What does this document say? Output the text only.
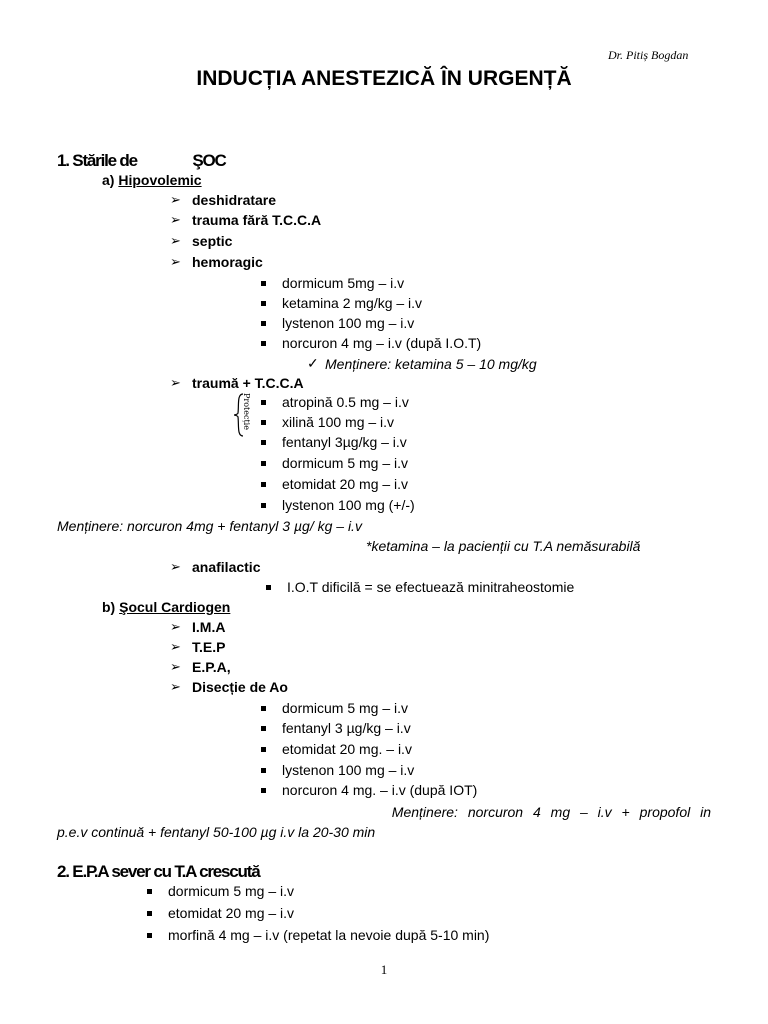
Dr. Pitiș Bogdan
INDUCȚIA ANESTEZICĂ ÎN URGENȚĂ
1. Stările de	ŞOC
a) Hipovolemic
➢ deshidratare
➢ trauma fără T.C.C.A
➢ septic
➢ hemoragic
dormicum 5mg – i.v
ketamina 2 mg/kg – i.v
lystenon 100 mg – i.v
norcuron 4 mg – i.v (după I.O.T)
✓ Menținere: ketamina 5 – 10 mg/kg
➢ traumă + T.C.C.A
Protecție atropină 0.5 mg – i.v
xilină 100 mg – i.v
fentanyl 3µg/kg – i.v
dormicum 5 mg – i.v
etomidat 20 mg – i.v
lystenon 100 mg (+/-)
Menținere: norcuron 4mg + fentanyl 3 µg/ kg – i.v
*ketamina – la pacienții cu T.A nemăsurabilă
➢ anafilactic
I.O.T dificilă = se efectuează minitraheostomie
b) Şocul Cardiogen
➢ I.M.A
➢ T.E.P
➢ E.P.A,
➢ Disecție de Ao
dormicum 5 mg – i.v
fentanyl 3 µg/kg – i.v
etomidat 20 mg. – i.v
lystenon 100 mg – i.v
norcuron 4 mg. – i.v (după IOT)
Menținere: norcuron 4 mg – i.v + propofol in
p.e.v continuă + fentanyl 50-100 µg i.v la 20-30 min
2. E.P.A sever cu T.A crescută
dormicum 5 mg – i.v
etomidat 20 mg – i.v
morfină 4 mg – i.v (repetat la nevoie după 5-10 min)
1
